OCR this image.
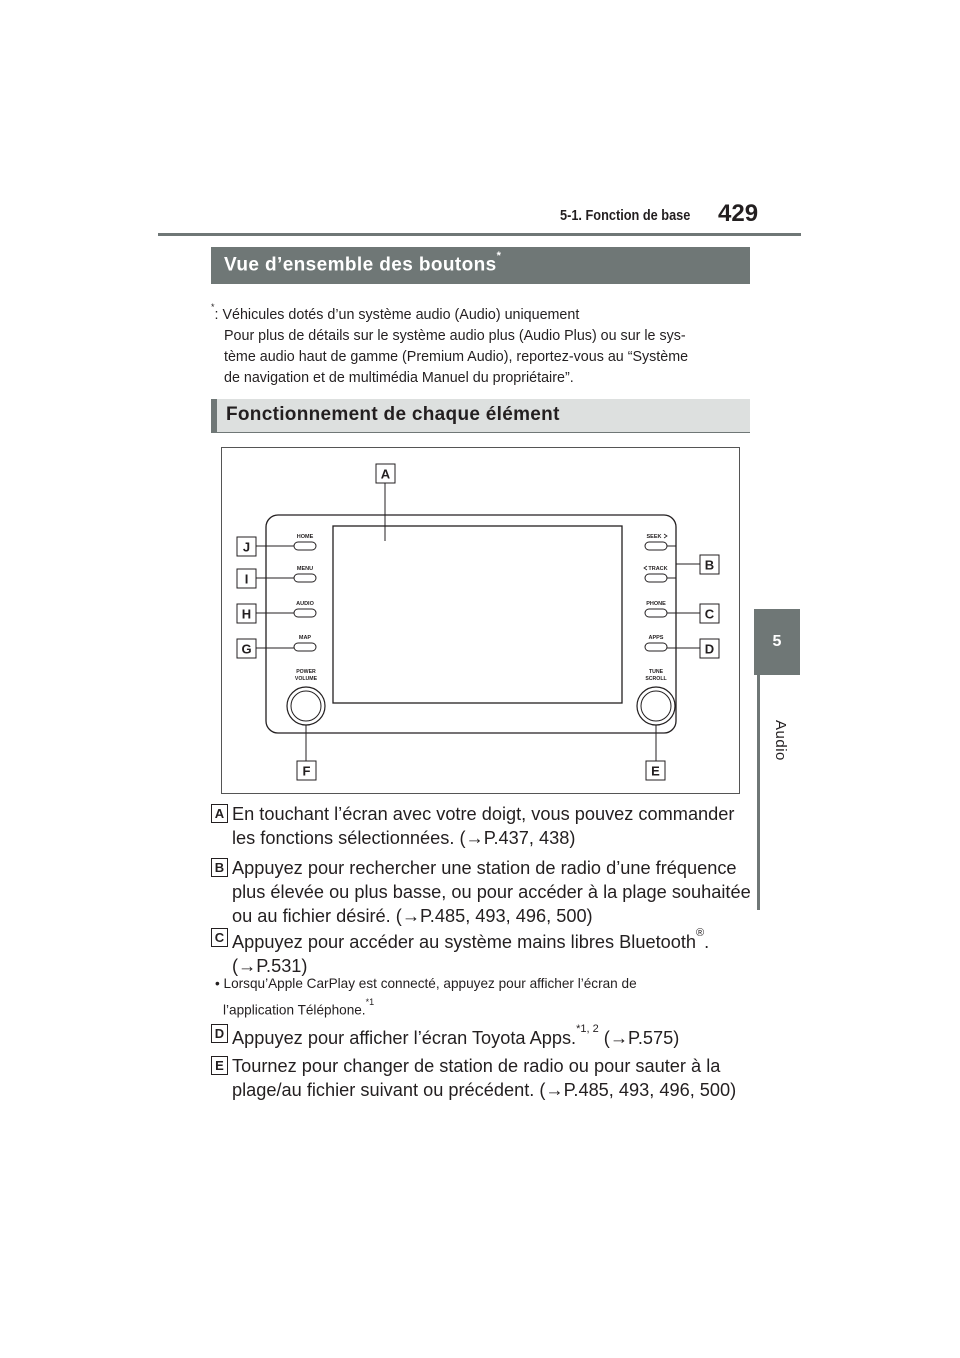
5-1. Fonction de base 429
5
Audio
Vue d’ensemble des boutons*
*: Véhicules dotés d’un système audio (Audio) uniquement
Pour plus de détails sur le système audio plus (Audio Plus) ou sur le sys-
tème audio haut de gamme (Premium Audio), reportez-vous au “Système
de navigation et de multimédia Manuel du propriétaire”.
Fonctionnement de chaque élément
HOME
MENU
AUDIO
MAP
POWER
VOLUME
SEEK
TRACK
PHONE
APPS
TUNE
SCROLL
A
J
I
H
G
B
C
D
F	E
A En touchant l’écran avec votre doigt, vous pouvez commander
les fonctions sélectionnées. (→P.437, 438)
B Appuyez pour rechercher une station de radio d’une fréquence
plus élevée ou plus basse, ou pour accéder à la plage souhaitée
ou au fichier désiré. (→P.485, 493, 496, 500)
C Appuyez pour accéder au système mains libres Bluetooth®.
(→P.531)
• Lorsqu’Apple CarPlay est connecté, appuyez pour afficher l’écran de
l’application Téléphone.$^{*1}$
D Appuyez pour afficher l’écran Toyota Apps.$^{*1, 2}$ (→P.575)
E Tournez pour changer de station de radio ou pour sauter à la
plage/au fichier suivant ou précédent. (→P.485, 493, 496, 500)
